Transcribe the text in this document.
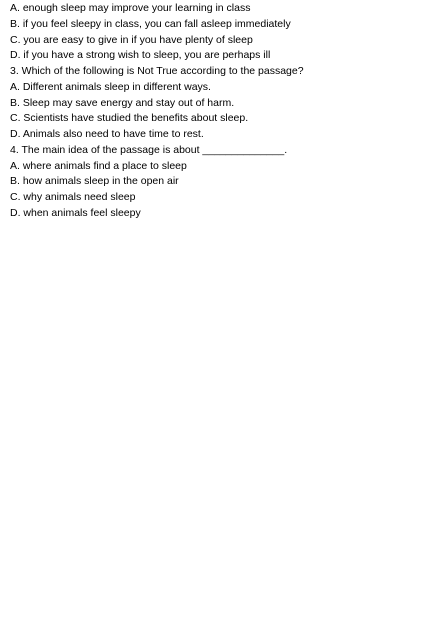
A. enough sleep may improve your learning in class
B. if you feel sleepy in class, you can fall asleep immediately
C. you are easy to give in if you have plenty of sleep
D. if you have a strong wish to sleep, you are perhaps ill
3. Which of the following is Not True according to the passage?
A. Different animals sleep in different ways.
B. Sleep may save energy and stay out of harm.
C. Scientists have studied the benefits about sleep.
D. Animals also need to have time to rest.
4. The main idea of the passage is about ______________.
A. where animals find a place to sleep
B. how animals sleep in the open air
C. why animals need sleep
D. when animals feel sleepy
